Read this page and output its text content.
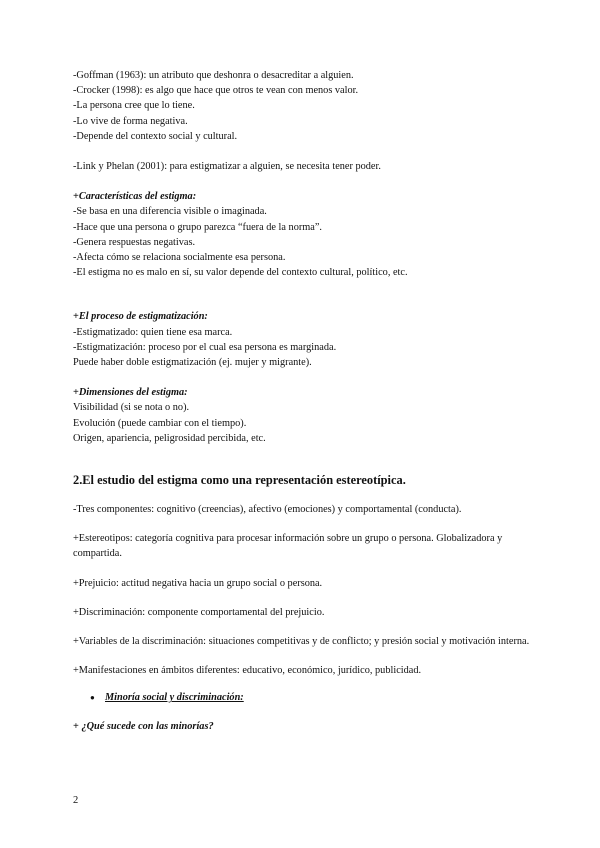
-Goffman (1963): un atributo que deshonra o desacreditar a alguien.
-Crocker (1998): es algo que hace que otros te vean con menos valor.
-La persona cree que lo tiene.
-Lo vive de forma negativa.
-Depende del contexto social y cultural.
-Link y Phelan (2001): para estigmatizar a alguien, se necesita tener poder.
+Características del estigma:
-Se basa en una diferencia visible o imaginada.
-Hace que una persona o grupo parezca “fuera de la norma”.
-Genera respuestas negativas.
-Afecta cómo se relaciona socialmente esa persona.
-El estigma no es malo en sí, su valor depende del contexto cultural, político, etc.
+El proceso de estigmatización:
-Estigmatizado: quien tiene esa marca.
-Estigmatización: proceso por el cual esa persona es marginada.
Puede haber doble estigmatización (ej. mujer y migrante).
+Dimensiones del estigma:
Visibilidad (si se nota o no).
Evolución (puede cambiar con el tiempo).
Origen, apariencia, peligrosidad percibida, etc.
2.El estudio del estigma como una representación estereotípica.
-Tres componentes: cognitivo (creencias), afectivo (emociones) y comportamental (conducta).
+Estereotipos: categoría cognitiva para procesar información sobre un grupo o persona. Globalizadora y compartida.
+Prejuicio: actitud negativa hacia un grupo social o persona.
+Discriminación: componente comportamental del prejuicio.
+Variables de la discriminación: situaciones competitivas y de conflicto; y presión social y motivación interna.
+Manifestaciones en ámbitos diferentes: educativo, económico, jurídico, publicidad.
● Minoría social y discriminación:
+ ¿Qué sucede con las minorías?
2
